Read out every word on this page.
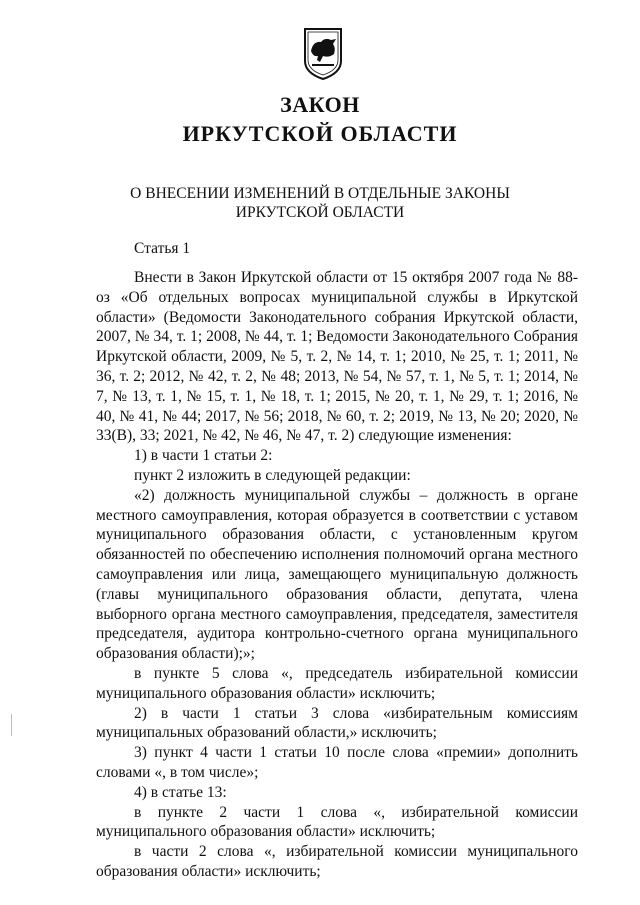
ЗАКОН
ИРКУТСКОЙ ОБЛАСТИ
О ВНЕСЕНИИ ИЗМЕНЕНИЙ В ОТДЕЛЬНЫЕ ЗАКОНЫ
ИРКУТСКОЙ ОБЛАСТИ
Статья 1

Внести в Закон Иркутской области от 15 октября 2007 года № 88-оз «Об отдельных вопросах муниципальной службы в Иркутской области» (Ведомости Законодательного собрания Иркутской области, 2007, № 34, т. 1; 2008, № 44, т. 1; Ведомости Законодательного Собрания Иркутской области, 2009, № 5, т. 2, № 14, т. 1; 2010, № 25, т. 1; 2011, № 36, т. 2; 2012, № 42, т. 2, № 48; 2013, № 54, № 57, т. 1, № 5, т. 1; 2014, № 7, № 13, т. 1, № 15, т. 1, № 18, т. 1; 2015, № 20, т. 1, № 29, т. 1; 2016, № 40, № 41, № 44; 2017, № 56; 2018, № 60, т. 2; 2019, № 13, № 20; 2020, № 33(В), 33; 2021, № 42, № 46, № 47, т. 2) следующие изменения:

1) в части 1 статьи 2:

пункт 2 изложить в следующей редакции:

«2) должность муниципальной службы – должность в органе местного самоуправления, которая образуется в соответствии с уставом муниципального образования области, с установленным кругом обязанностей по обеспечению исполнения полномочий органа местного самоуправления или лица, замещающего муниципальную должность (главы муниципального образования области, депутата, члена выборного органа местного самоуправления, председателя, заместителя председателя, аудитора контрольно-счетного органа муниципального образования области);»;

в пункте 5 слова «, председатель избирательной комиссии муниципального образования области» исключить;

2) в части 1 статьи 3 слова «избирательным комиссиям муниципальных образований области,» исключить;

3) пункт 4 части 1 статьи 10 после слова «премии» дополнить словами «, в том числе»;

4) в статье 13:

в пункте 2 части 1 слова «, избирательной комиссии муниципального образования области» исключить;

в части 2 слова «, избирательной комиссии муниципального образования области» исключить;
